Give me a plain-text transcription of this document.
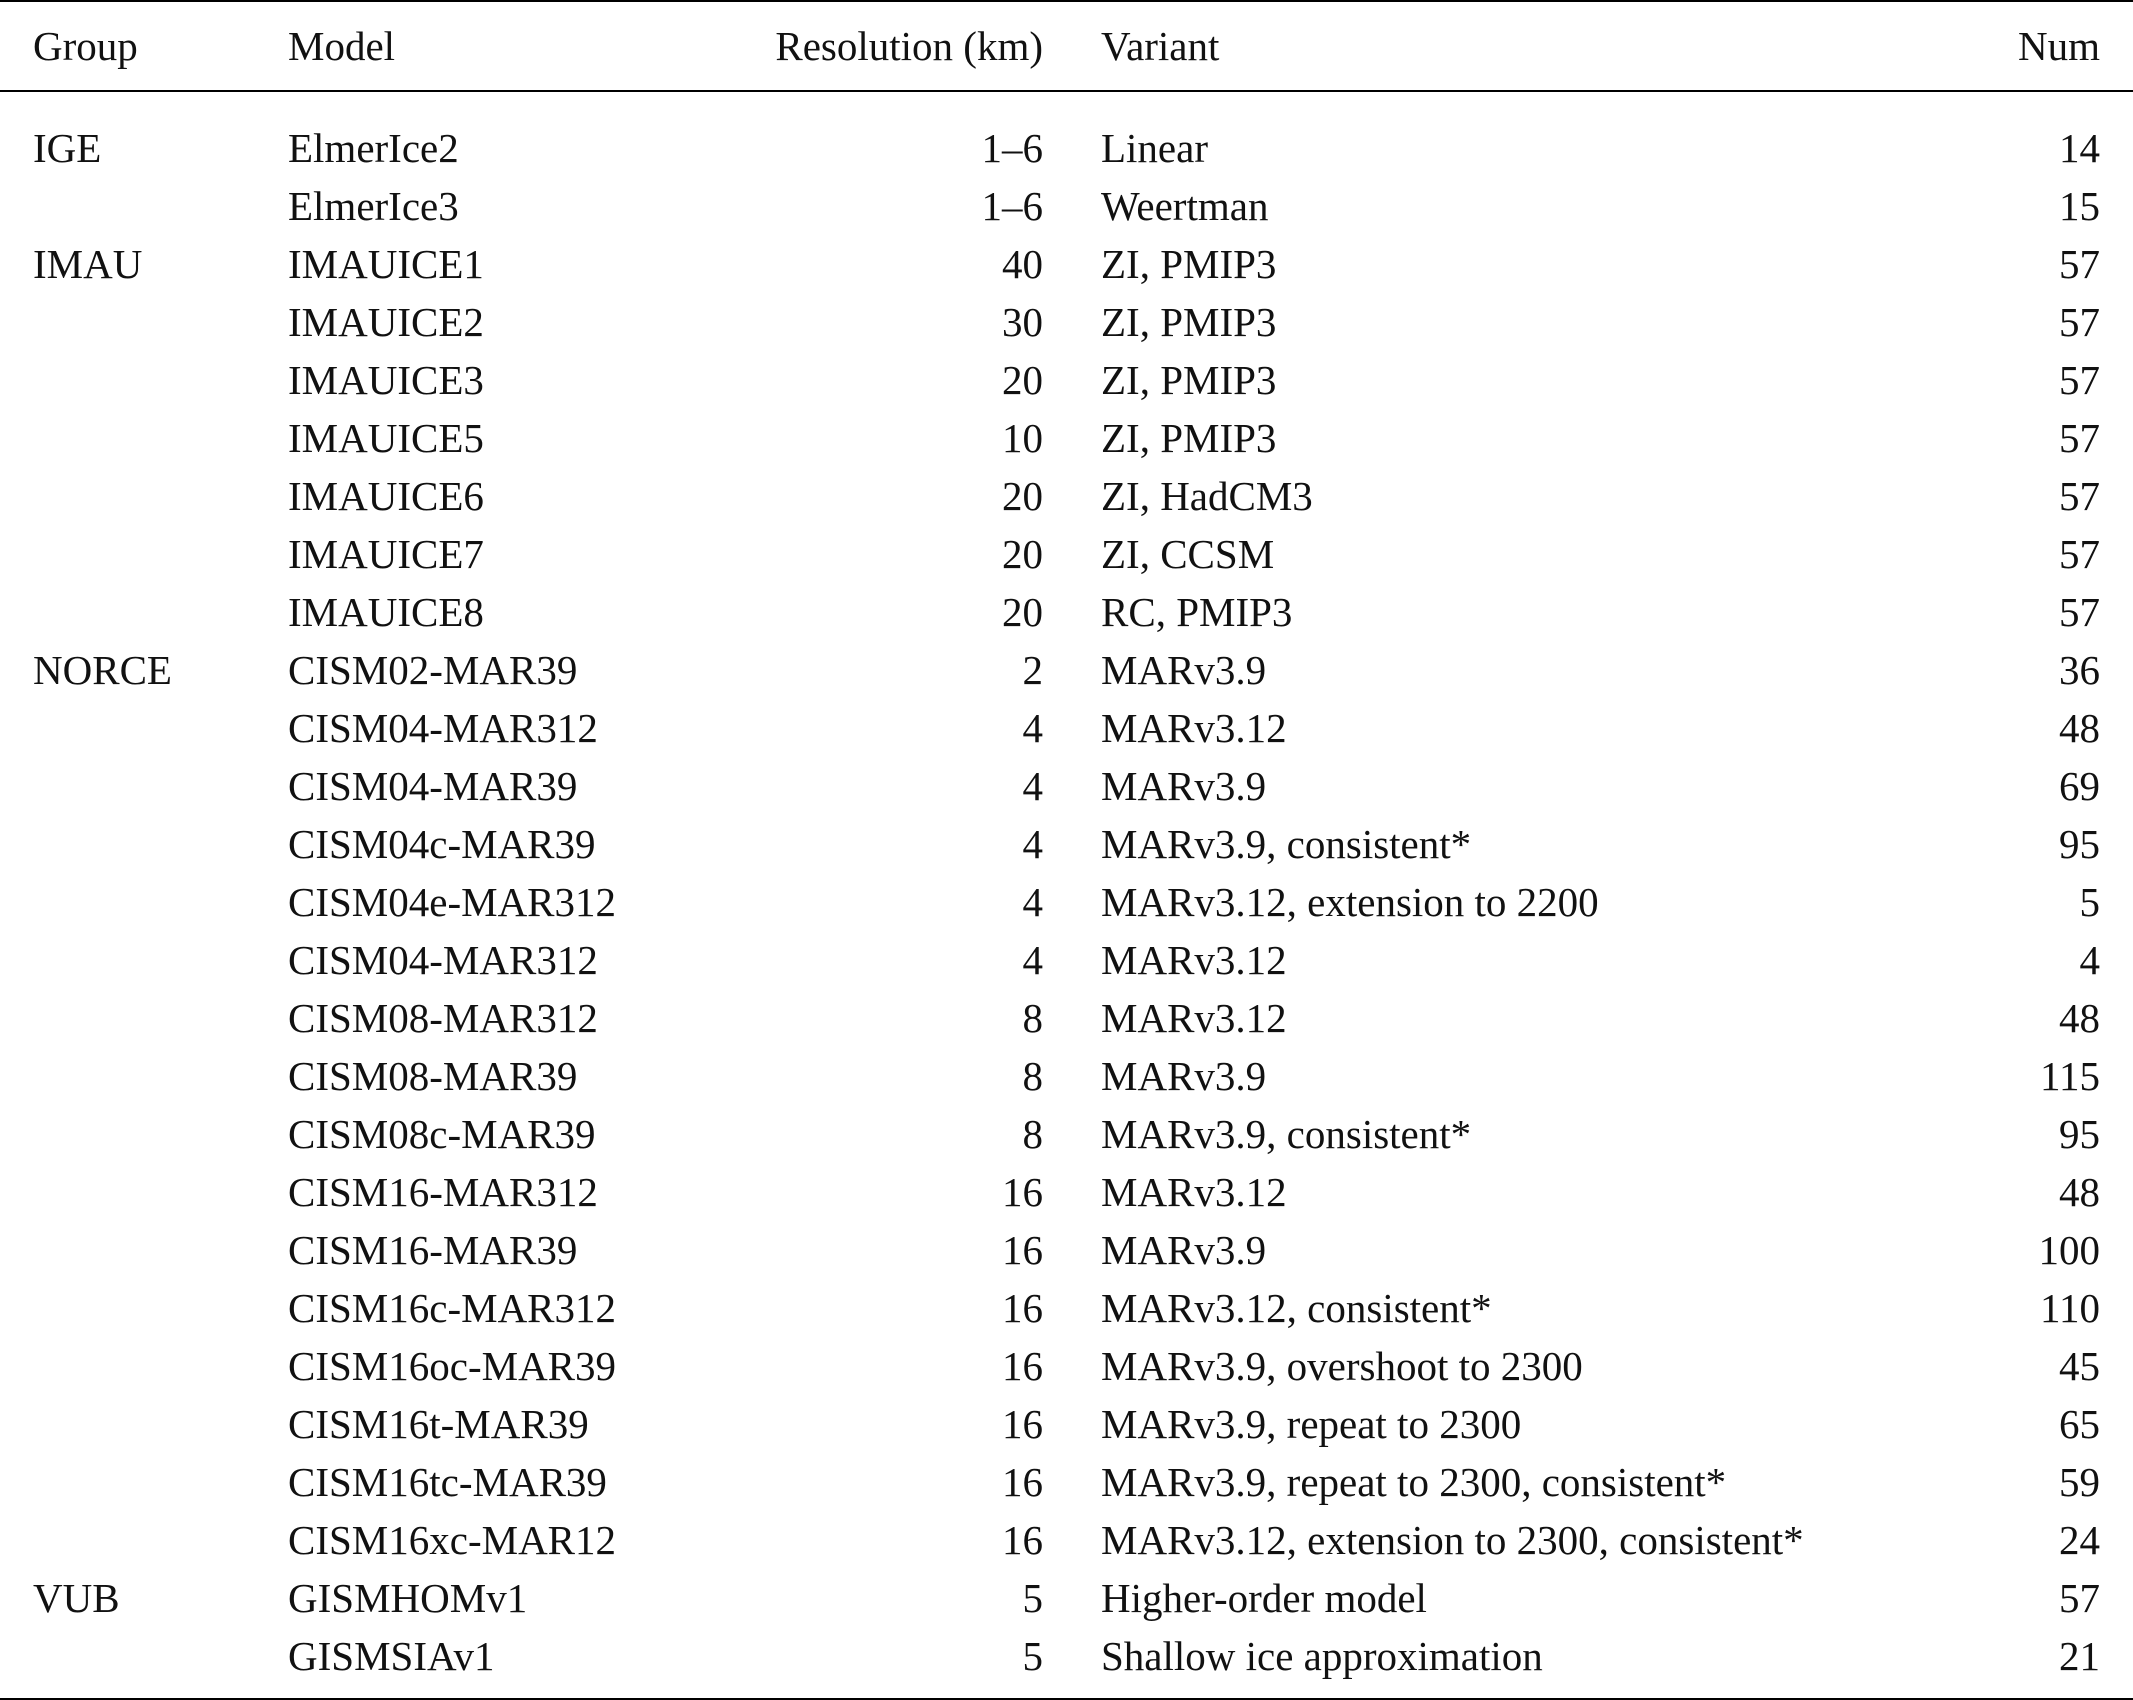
Group	Model	Resolution (km)	Variant	Num
IGE	ElmerIce2	1–6	Linear	14
	ElmerIce3	1–6	Weertman	15
IMAU	IMAUICE1	40	ZI, PMIP3	57
	IMAUICE2	30	ZI, PMIP3	57
	IMAUICE3	20	ZI, PMIP3	57
	IMAUICE5	10	ZI, PMIP3	57
	IMAUICE6	20	ZI, HadCM3	57
	IMAUICE7	20	ZI, CCSM	57
	IMAUICE8	20	RC, PMIP3	57
NORCE	CISM02-MAR39	2	MARv3.9	36
	CISM04-MAR312	4	MARv3.12	48
	CISM04-MAR39	4	MARv3.9	69
	CISM04c-MAR39	4	MARv3.9, consistent*	95
	CISM04e-MAR312	4	MARv3.12, extension to 2200	5
	CISM04-MAR312	4	MARv3.12	4
	CISM08-MAR312	8	MARv3.12	48
	CISM08-MAR39	8	MARv3.9	115
	CISM08c-MAR39	8	MARv3.9, consistent*	95
	CISM16-MAR312	16	MARv3.12	48
	CISM16-MAR39	16	MARv3.9	100
	CISM16c-MAR312	16	MARv3.12, consistent*	110
	CISM16oc-MAR39	16	MARv3.9, overshoot to 2300	45
	CISM16t-MAR39	16	MARv3.9, repeat to 2300	65
	CISM16tc-MAR39	16	MARv3.9, repeat to 2300, consistent*	59
	CISM16xc-MAR12	16	MARv3.12, extension to 2300, consistent*	24
VUB	GISMHOMv1	5	Higher-order model	57
	GISMSIAv1	5	Shallow ice approximation	21
